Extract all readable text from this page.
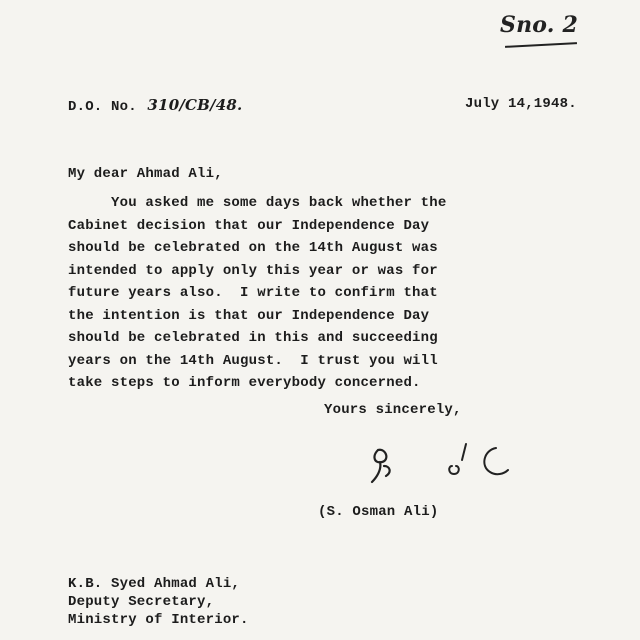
Sno. 2
D.O. No. 310/CB/48.	July 14,1948.
My dear Ahmad Ali,
You asked me some days back whether the
Cabinet decision that our Independence Day
should be celebrated on the 14th August was
intended to apply only this year or was for
future years also.  I write to confirm that
the intention is that our Independence Day
should be celebrated in this and succeeding
years on the 14th August.  I trust you will
take steps to inform everybody concerned.
Yours sincerely,
(S. Osman Ali)
K.B. Syed Ahmad Ali,
Deputy Secretary,
Ministry of Interior.
